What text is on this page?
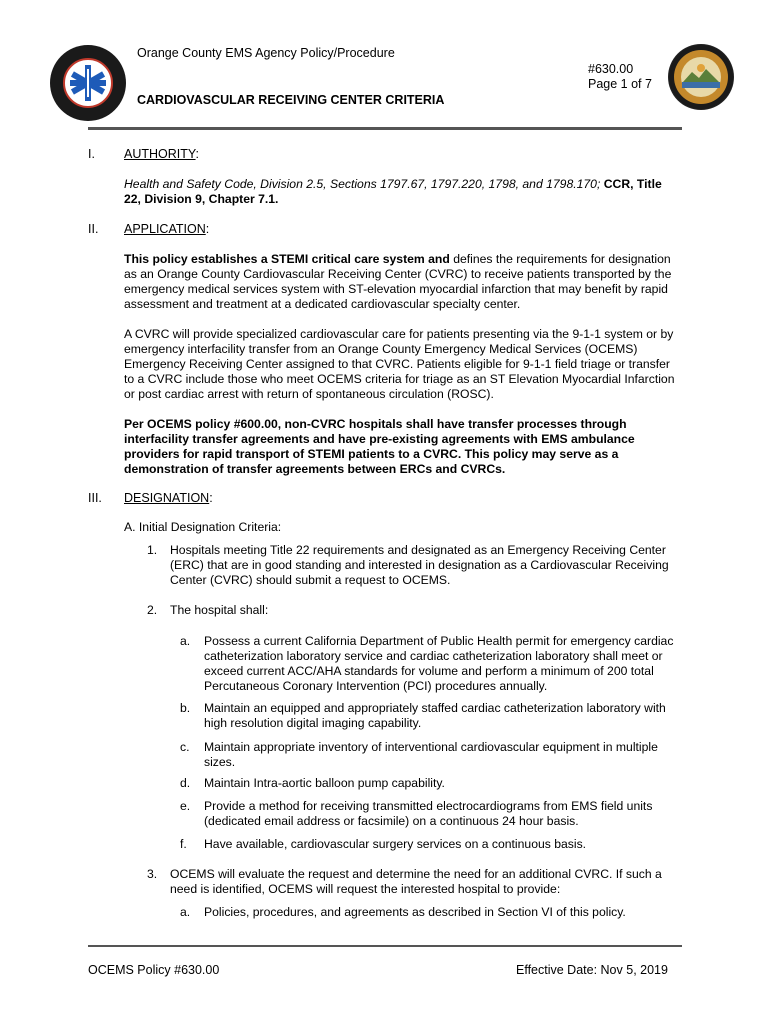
Orange County EMS Agency Policy/Procedure
#630.00
Page 1 of 7
CARDIOVASCULAR RECEIVING CENTER CRITERIA
I. AUTHORITY:
Health and Safety Code, Division 2.5, Sections 1797.67, 1797.220, 1798, and 1798.170; CCR, Title 22, Division 9, Chapter 7.1.
II. APPLICATION:
This policy establishes a STEMI critical care system and defines the requirements for designation as an Orange County Cardiovascular Receiving Center (CVRC) to receive patients transported by the emergency medical services system with ST-elevation myocardial infarction that may benefit by rapid assessment and treatment at a dedicated cardiovascular specialty center.
A CVRC will provide specialized cardiovascular care for patients presenting via the 9-1-1 system or by emergency interfacility transfer from an Orange County Emergency Medical Services (OCEMS) Emergency Receiving Center assigned to that CVRC. Patients eligible for 9-1-1 field triage or transfer to a CVRC include those who meet OCEMS criteria for triage as an ST Elevation Myocardial Infarction or post cardiac arrest with return of spontaneous circulation (ROSC).
Per OCEMS policy #600.00, non-CVRC hospitals shall have transfer processes through interfacility transfer agreements and have pre-existing agreements with EMS ambulance providers for rapid transport of STEMI patients to a CVRC. This policy may serve as a demonstration of transfer agreements between ERCs and CVRCs.
III. DESIGNATION:
A. Initial Designation Criteria:
1. Hospitals meeting Title 22 requirements and designated as an Emergency Receiving Center (ERC) that are in good standing and interested in designation as a Cardiovascular Receiving Center (CVRC) should submit a request to OCEMS.
2. The hospital shall:
a. Possess a current California Department of Public Health permit for emergency cardiac catheterization laboratory service and cardiac catheterization laboratory shall meet or exceed current ACC/AHA standards for volume and perform a minimum of 200 total Percutaneous Coronary Intervention (PCI) procedures annually.
b. Maintain an equipped and appropriately staffed cardiac catheterization laboratory with high resolution digital imaging capability.
c. Maintain appropriate inventory of interventional cardiovascular equipment in multiple sizes.
d. Maintain Intra-aortic balloon pump capability.
e. Provide a method for receiving transmitted electrocardiograms from EMS field units (dedicated email address or facsimile) on a continuous 24 hour basis.
f. Have available, cardiovascular surgery services on a continuous basis.
3. OCEMS will evaluate the request and determine the need for an additional CVRC. If such a need is identified, OCEMS will request the interested hospital to provide:
a. Policies, procedures, and agreements as described in Section VI of this policy.
OCEMS Policy #630.00	Effective Date: Nov 5, 2019
